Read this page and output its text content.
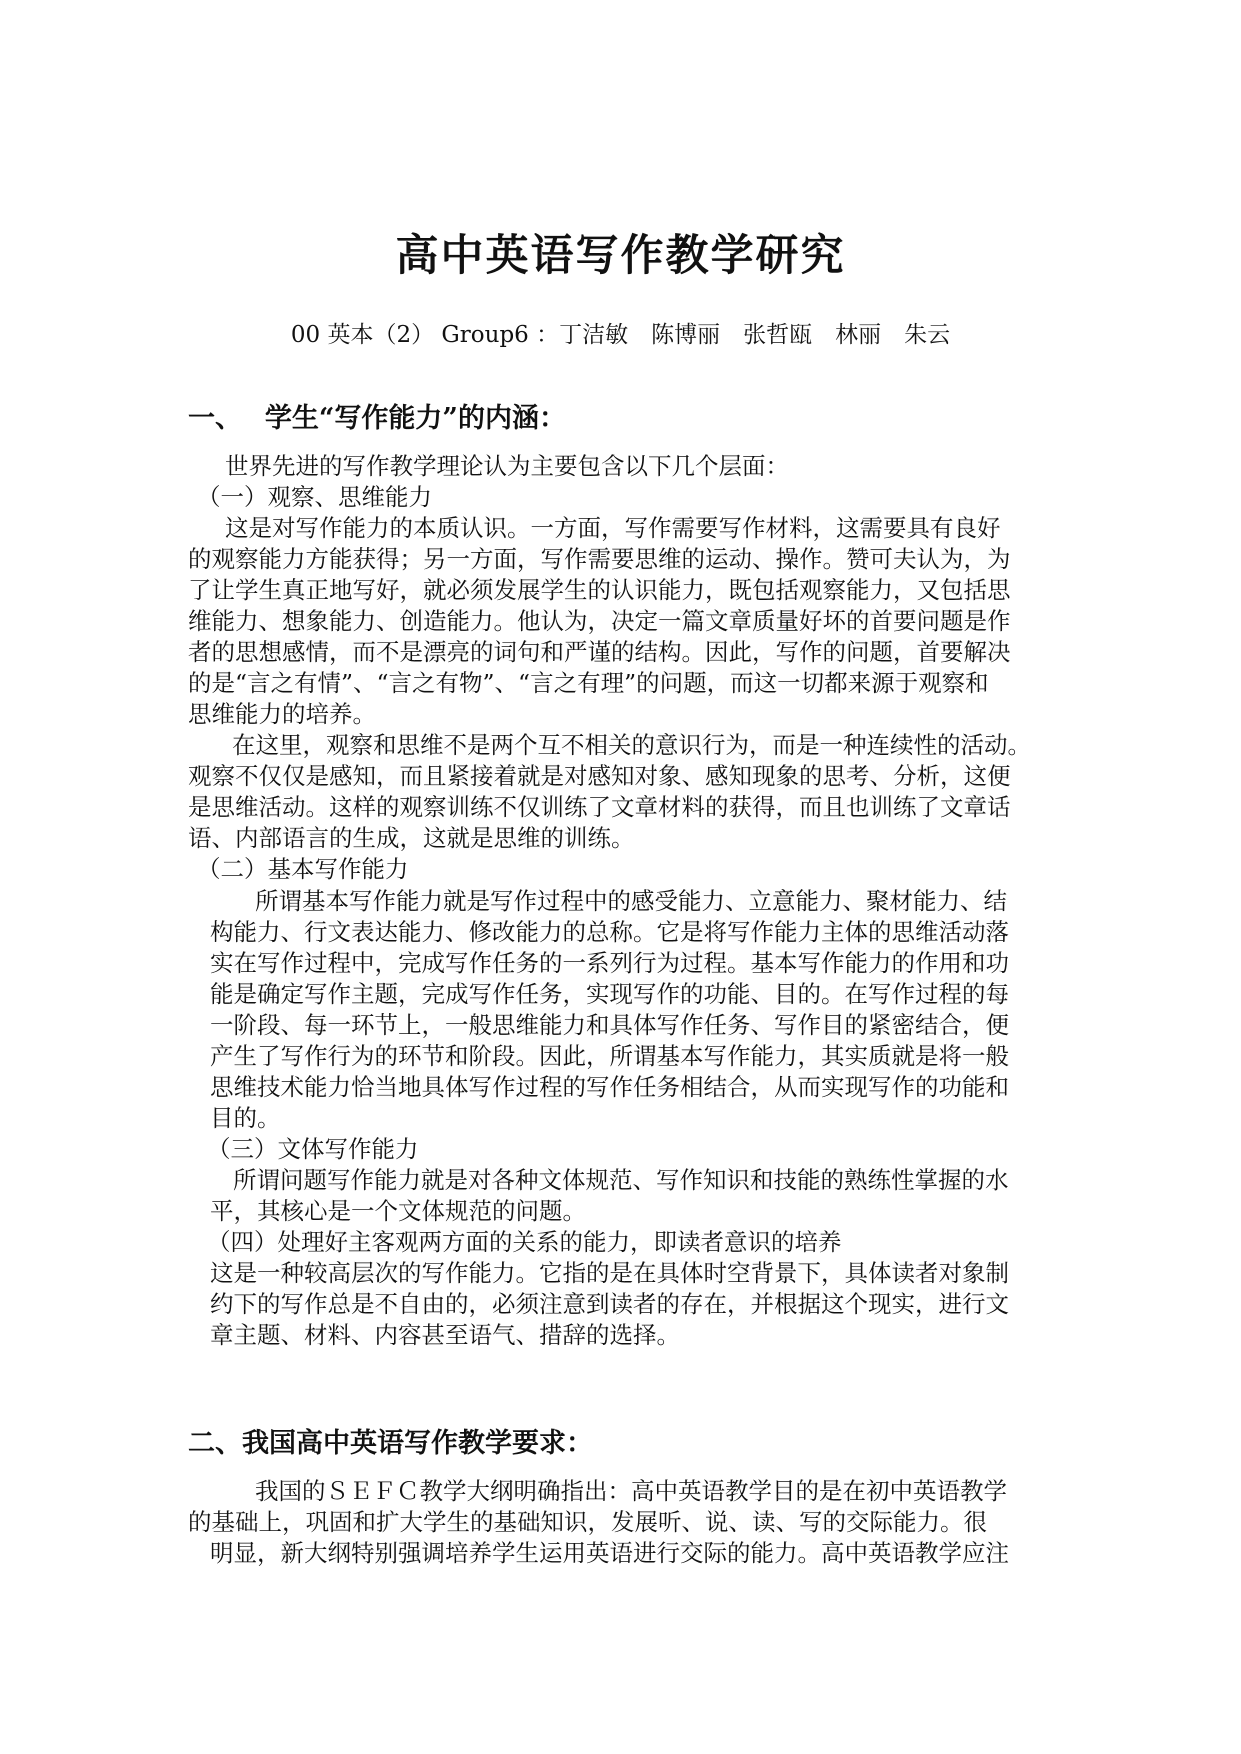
高中英语写作教学研究
00 英本（2） Group6 ：丁洁敏　陈博丽　张哲瓯　林丽　朱云
一、　 学生“写作能力”的内涵：
世界先进的写作教学理论认为主要包含以下几个层面：
（一）观察、思维能力
这是对写作能力的本质认识。一方面，写作需要写作材料，这需要具有良好
的观察能力方能获得；另一方面，写作需要思维的运动、操作。赞可夫认为，为
了让学生真正地写好，就必须发展学生的认识能力，既包括观察能力，又包括思
维能力、想象能力、创造能力。他认为，决定一篇文章质量好坏的首要问题是作
者的思想感情，而不是漂亮的词句和严谨的结构。因此，写作的问题，首要解决
的是“言之有情”、“言之有物”、“言之有理”的问题，而这一切都来源于观察和
思维能力的培养。
在这里，观察和思维不是两个互不相关的意识行为，而是一种连续性的活动。
观察不仅仅是感知，而且紧接着就是对感知对象、感知现象的思考、分析，这便
是思维活动。这样的观察训练不仅训练了文章材料的获得，而且也训练了文章话
语、内部语言的生成，这就是思维的训练。
（二）基本写作能力
所谓基本写作能力就是写作过程中的感受能力、立意能力、聚材能力、结
构能力、行文表达能力、修改能力的总称。它是将写作能力主体的思维活动落
实在写作过程中，完成写作任务的一系列行为过程。基本写作能力的作用和功
能是确定写作主题，完成写作任务，实现写作的功能、目的。在写作过程的每
一阶段、每一环节上，一般思维能力和具体写作任务、写作目的紧密结合，便
产生了写作行为的环节和阶段。因此，所谓基本写作能力，其实质就是将一般
思维技术能力恰当地具体写作过程的写作任务相结合，从而实现写作的功能和
目的。
（三）文体写作能力
所谓问题写作能力就是对各种文体规范、写作知识和技能的熟练性掌握的水
平，其核心是一个文体规范的问题。
（四）处理好主客观两方面的关系的能力，即读者意识的培养
这是一种较高层次的写作能力。它指的是在具体时空背景下，具体读者对象制
约下的写作总是不自由的，必须注意到读者的存在，并根据这个现实，进行文
章主题、材料、内容甚至语气、措辞的选择。
二、我国高中英语写作教学要求：
我国的ＳＥＦＣ教学大纲明确指出：高中英语教学目的是在初中英语教学
的基础上，巩固和扩大学生的基础知识，发展听、说、读、写的交际能力。很
明显，新大纲特别强调培养学生运用英语进行交际的能力。高中英语教学应注
